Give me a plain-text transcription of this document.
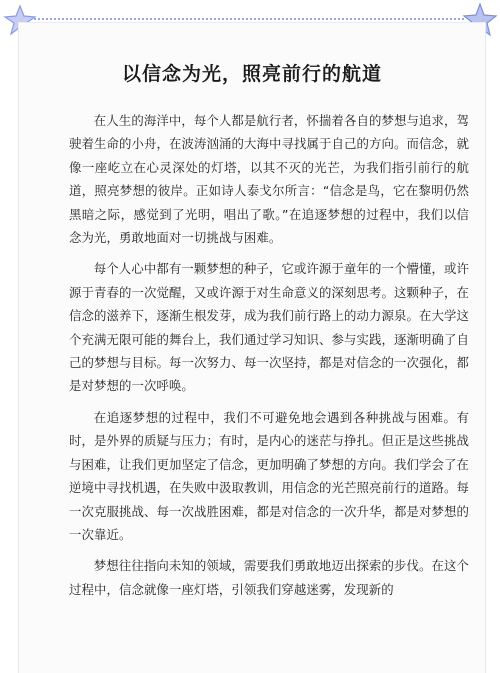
以信念为光，照亮前行的航道

在人生的海洋中，每个人都是航行者，怀揣着各自的梦想与追求，驾驶着生命的小舟，在波涛汹涌的大海中寻找属于自己的方向。而信念，就像一座屹立在心灵深处的灯塔，以其不灭的光芒，为我们指引前行的航道，照亮梦想的彼岸。正如诗人泰戈尔所言：“信念是鸟，它在黎明仍然黑暗之际，感觉到了光明，唱出了歌。”在追逐梦想的过程中，我们以信念为光，勇敢地面对一切挑战与困难。

每个人心中都有一颗梦想的种子，它或许源于童年的一个懵懂，或许源于青春的一次觉醒，又或许源于对生命意义的深刻思考。这颗种子，在信念的滋养下，逐渐生根发芽，成为我们前行路上的动力源泉。在大学这个充满无限可能的舞台上，我们通过学习知识、参与实践，逐渐明确了自己的梦想与目标。每一次努力、每一次坚持，都是对信念的一次强化，都是对梦想的一次呼唤。

在追逐梦想的过程中，我们不可避免地会遇到各种挑战与困难。有时，是外界的质疑与压力；有时，是内心的迷茫与挣扎。但正是这些挑战与困难，让我们更加坚定了信念，更加明确了梦想的方向。我们学会了在逆境中寻找机遇，在失败中汲取教训，用信念的光芒照亮前行的道路。每一次克服挑战、每一次战胜困难，都是对信念的一次升华，都是对梦想的一次靠近。

梦想往往指向未知的领域，需要我们勇敢地迈出探索的步伐。在这个过程中，信念就像一座灯塔，引领我们穿越迷雾，发现新的
